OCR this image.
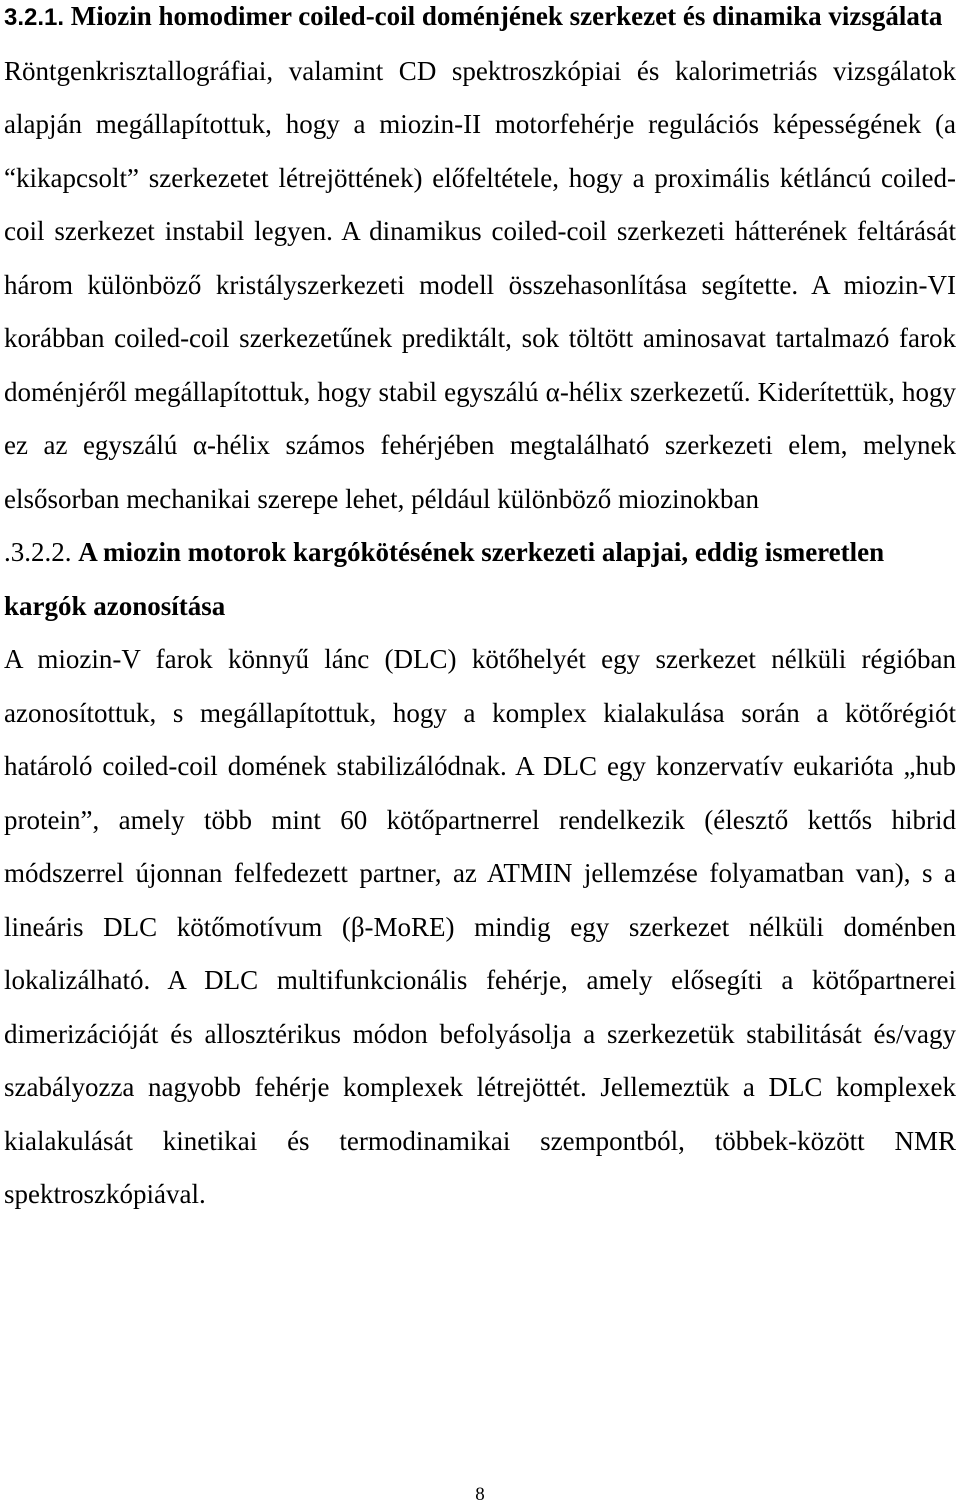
3.2.1. Miozin homodimer coiled-coil doménjének szerkezet és dinamika vizsgálata

Röntgenkrisztallográfiai, valamint CD spektroszkópiai és kalorimetriás vizsgálatok alapján megállapítottuk, hogy a miozin-II motorfehérje regulációs képességének (a “kikapcsolt” szerkezetet létrejöttének) előfeltétele, hogy a proximális kétláncú coiled-coil szerkezet instabil legyen. A dinamikus coiled-coil szerkezeti hátterének feltárását három különböző kristályszerkezeti modell összehasonlítása segítette. A miozin-VI korábban coiled-coil szerkezetűnek prediktált, sok töltött aminosavat tartalmazó farok doménjéről megállapítottuk, hogy stabil egyszálú α-hélix szerkezetű. Kiderítettük, hogy ez az egyszálú α-hélix számos fehérjében megtalálható szerkezeti elem, melynek elsősorban mechanikai szerepe lehet, például különböző miozinokban

.3.2.2. A miozin motorok kargókötésének szerkezeti alapjai, eddig ismeretlen kargók azonosítása

A miozin-V farok könnyű lánc (DLC) kötőhelyét egy szerkezet nélküli régióban azonosítottuk, s megállapítottuk, hogy a komplex kialakulása során a kötőrégiót határoló coiled-coil domének stabilizálódnak. A DLC egy konzervatív eukarióta „hub protein”, amely több mint 60 kötőpartnerrel rendelkezik (élesztő kettős hibrid módszerrel újonnan felfedezett partner, az ATMIN jellemzése folyamatban van), s a lineáris DLC kötőmotívum (β-MoRE) mindig egy szerkezet nélküli doménben lokalizálható. A DLC multifunkcionális fehérje, amely elősegíti a kötőpartnerei dimerizációját és allosztérikus módon befolyásolja a szerkezetük stabilitását és/vagy szabályozza nagyobb fehérje komplexek létrejöttét. Jellemeztük a DLC komplexek kialakulását kinetikai és termodinamikai szempontból, többek-között NMR spektroszkópiával.

8
